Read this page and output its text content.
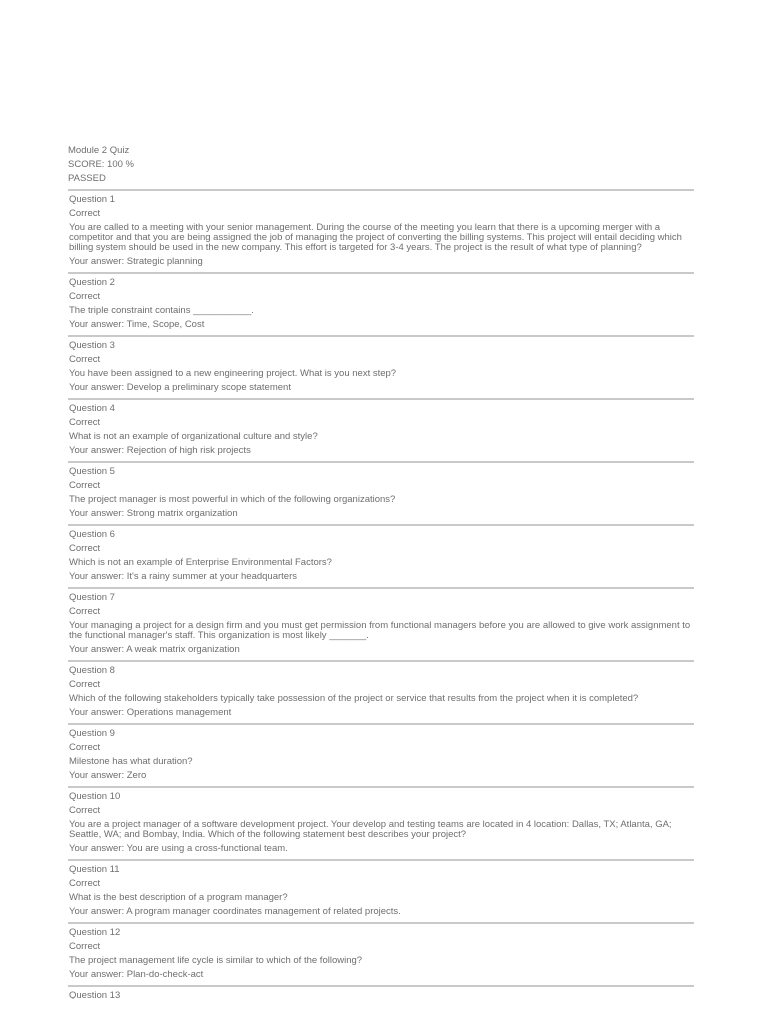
Module 2 Quiz
SCORE: 100 %
PASSED
Question 1
Correct
You are called to a meeting with your senior management. During the course of the meeting you learn that there is a upcoming merger with a competitor and that you are being assigned the job of managing the project of converting the billing systems. This project will entail deciding which billing system should be used in the new company. This effort is targeted for 3-4 years. The project is the result of what type of planning?
Your answer: Strategic planning
Question 2
Correct
The triple constraint contains ___________.
Your answer: Time, Scope, Cost
Question 3
Correct
You have been assigned to a new engineering project. What is you next step?
Your answer: Develop a preliminary scope statement
Question 4
Correct
What is not an example of organizational culture and style?
Your answer: Rejection of high risk projects
Question 5
Correct
The project manager is most powerful in which of the following organizations?
Your answer: Strong matrix organization
Question 6
Correct
Which is not an example of Enterprise Environmental Factors?
Your answer: It's a rainy summer at your headquarters
Question 7
Correct
Your managing a project for a design firm and you must get permission from functional managers before you are allowed to give work assignment to the functional manager's staff. This organization is most likely _______.
Your answer: A weak matrix organization
Question 8
Correct
Which of the following stakeholders typically take possession of the project or service that results from the project when it is completed?
Your answer: Operations management
Question 9
Correct
Milestone has what duration?
Your answer: Zero
Question 10
Correct
You are a project manager of a software development project. Your develop and testing teams are located in 4 location: Dallas, TX; Atlanta, GA; Seattle, WA; and Bombay, India. Which of the following statement best describes your project?
Your answer: You are using a cross-functional team.
Question 11
Correct
What is the best description of a program manager?
Your answer: A program manager coordinates management of related projects.
Question 12
Correct
The project management life cycle is similar to which of the following?
Your answer: Plan-do-check-act
Question 13
